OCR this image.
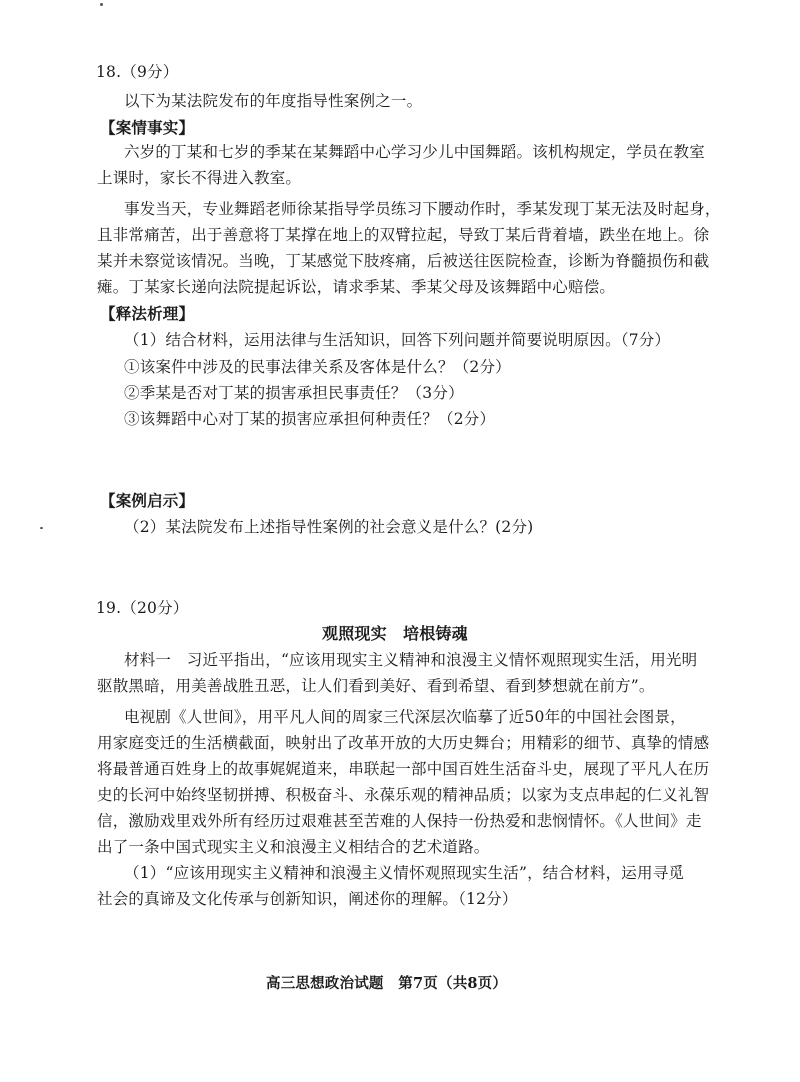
18.（9分）
以下为某法院发布的年度指导性案例之一。
【案情事实】
六岁的丁某和七岁的季某在某舞蹈中心学习少儿中国舞蹈。该机构规定，学员在教室
上课时，家长不得进入教室。
事发当天，专业舞蹈老师徐某指导学员练习下腰动作时，季某发现丁某无法及时起身，
且非常痛苦，出于善意将丁某撑在地上的双臂拉起，导致丁某后背着墙，跌坐在地上。徐
某并未察觉该情况。当晚，丁某感觉下肢疼痛，后被送往医院检查，诊断为脊髓损伤和截
瘫。丁某家长递向法院提起诉讼，请求季某、季某父母及该舞蹈中心赔偿。
【释法析理】
（1）结合材料，运用法律与生活知识，回答下列问题并简要说明原因。（7分）
①该案件中涉及的民事法律关系及客体是什么？（2分）
②季某是否对丁某的损害承担民事责任？（3分）
③该舞蹈中心对丁某的损害应承担何种责任？（2分）
【案例启示】
（2）某法院发布上述指导性案例的社会意义是什么？(2分)
19.（20分）
观照现实　培根铸魂
材料一　习近平指出，“应该用现实主义精神和浪漫主义情怀观照现实生活，用光明
驱散黑暗，用美善战胜丑恶，让人们看到美好、看到希望、看到梦想就在前方”。
电视剧《人世间》，用平凡人间的周家三代深层次临摹了近50年的中国社会图景，
用家庭变迁的生活横截面，映射出了改革开放的大历史舞台；用精彩的细节、真挚的情感
将最普通百姓身上的故事娓娓道来，串联起一部中国百姓生活奋斗史，展现了平凡人在历
史的长河中始终坚韧拼搏、积极奋斗、永葆乐观的精神品质；以家为支点串起的仁义礼智
信，激励戏里戏外所有经历过艰难甚至苦难的人保持一份热爱和悲悯情怀。《人世间》走
出了一条中国式现实主义和浪漫主义相结合的艺术道路。
（1）“应该用现实主义精神和浪漫主义情怀观照现实生活”，结合材料，运用寻觅
社会的真谛及文化传承与创新知识，阐述你的理解。（12分）
高三思想政治试题　第7页（共8页）
